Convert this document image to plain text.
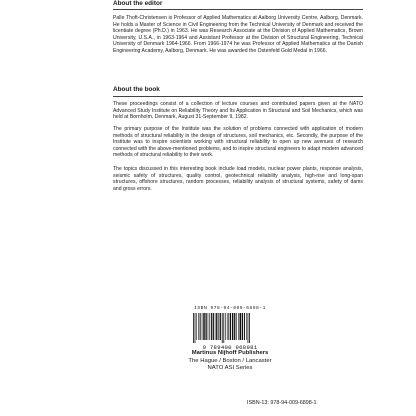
About the editor

Palle Thoft-Christensen is Professor of Applied Mathematics at Aalborg University Centre, Aalborg, Denmark. He holds a Master of Science in Civil Engineering from the Technical University of Denmark and received the licentiate degree (Ph.D.) in 1963. He was Research Associate at the Division of Applied Mathematics, Brown University, U.S.A., in 1963-1964 and Assistant Professor at the Division of Structural Engineering, Technical University of Denmark 1964-1966. From 1966-1974 he was Professor of Applied Mathematics at the Danish Engineering Academy, Aalborg, Denmark. He was awarded the Ostenfeld Gold Medal in 1966.

About the book

These proceedings consist of a collection of lecture courses and contributed papers given at the NATO Advanced Study Institute on Reliability Theory and Its Application in Structural and Soil Mechanics, which was held at Bornholm, Denmark, August 31-September 9, 1982.

The primary purpose of the Institute was the solution of problems connected with application of modern methods of structural reliability in the design of structures, soil mechanics, etc. Secondly, the purpose of the Institute was to inspire scientists working with structural reliability to open up new avenues of research connected with the above-mentioned problems, and to inspire structural engineers to adapt modern advanced methods of structural reliability to their work.

The topics discussed in this interesting book include load models, nuclear power plants, response analysis, seismic safety of structures, quality control, geotechnical reliability analysis, high-rise and long-span structures, offshore structures, random processes, reliability analysis of structural systems, safety of dams and gross errors.

ISBN 978-94-009-6898-1
9 789400 968981
Martinus Nijhoff Publishers
The Hague / Boston / Lancaster
NATO ASI Series
ISBN-13: 978-94-009-6898-1
